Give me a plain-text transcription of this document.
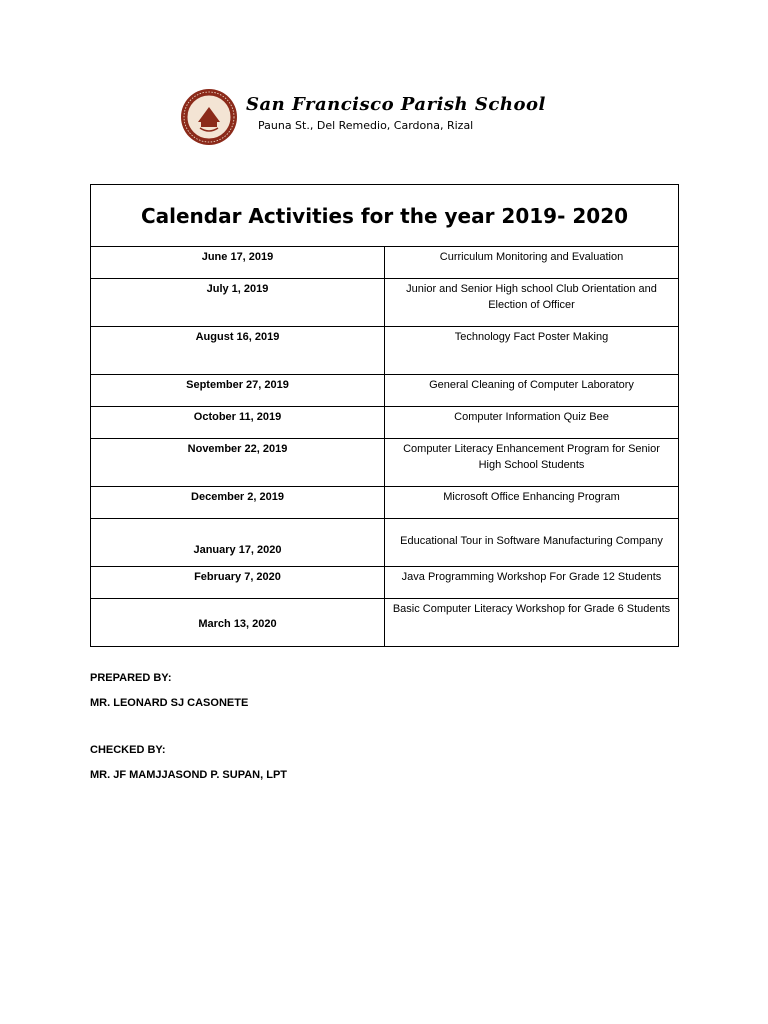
San Francisco Parish School
Pauna St., Del Remedio, Cardona, Rizal
Calendar Activities for the year 2019- 2020	
June 17, 2019	Curriculum Monitoring and Evaluation
July 1, 2019	Junior and Senior High school Club Orientation and Election of Officer
August 16, 2019	Technology Fact Poster Making
September 27, 2019	General Cleaning of Computer Laboratory
October 11, 2019	Computer Information Quiz Bee
November 22, 2019	Computer Literacy Enhancement Program for Senior High School Students
December 2, 2019	Microsoft Office Enhancing Program
January 17, 2020	Educational Tour in Software Manufacturing Company
February 7, 2020	Java Programming Workshop For Grade 12 Students
March 13, 2020	Basic Computer Literacy Workshop for Grade 6 Students
PREPARED BY:
MR. LEONARD SJ CASONETE
CHECKED BY:
MR. JF MAMJJASOND P. SUPAN, LPT
